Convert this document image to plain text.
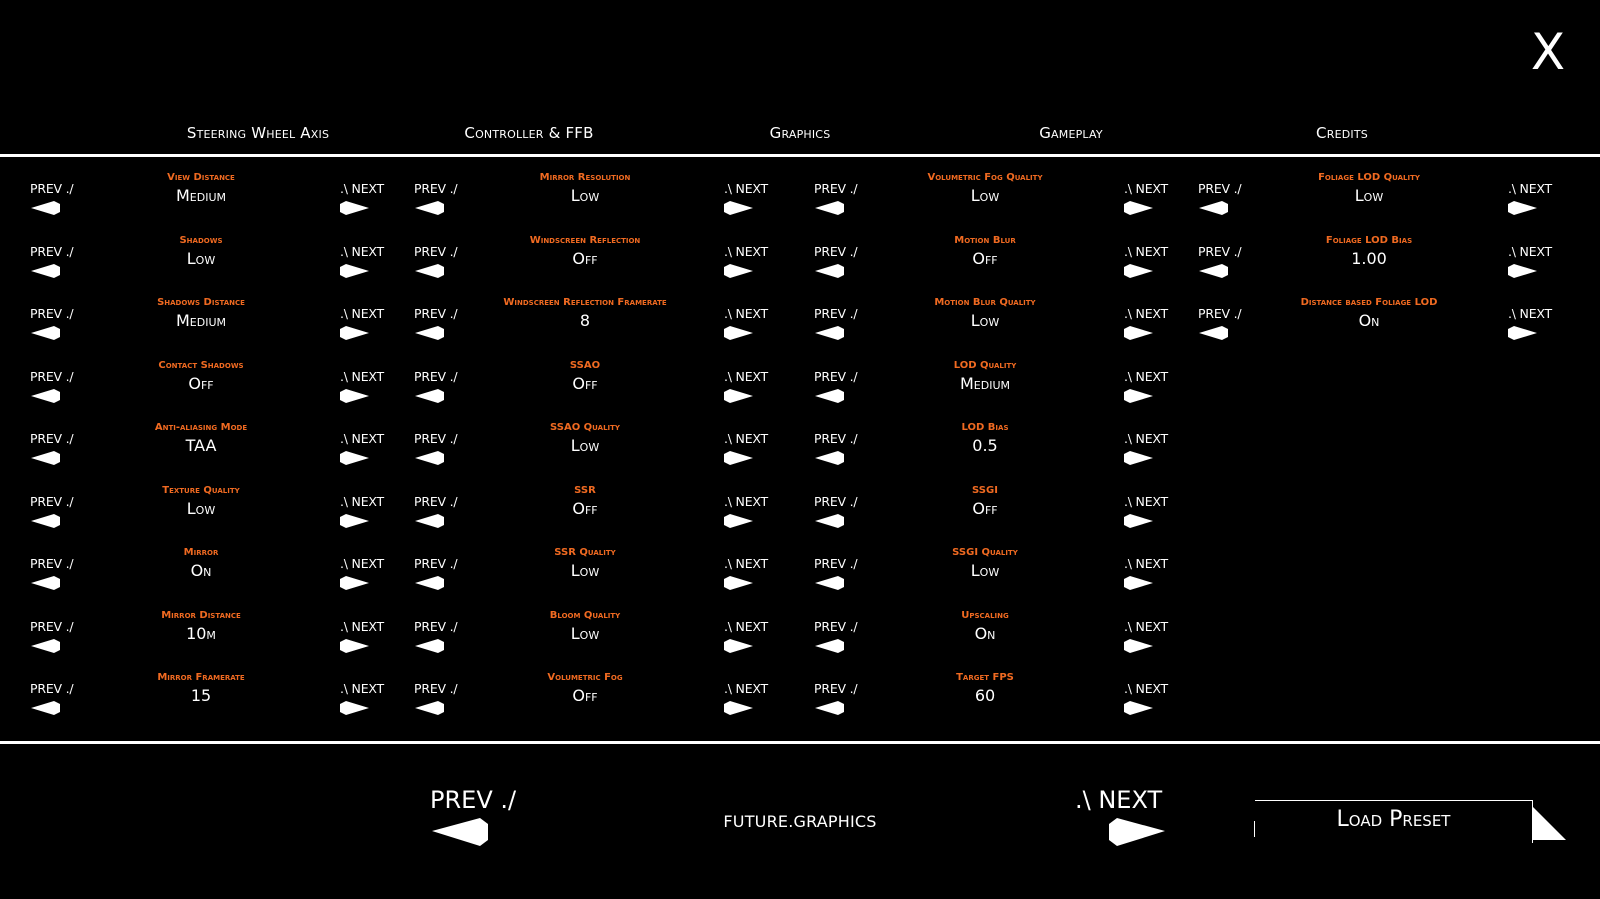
X
Steering Wheel Axis	Controller & FFB	Graphics	Gameplay	Credits
PREV ./
View Distance
Medium	.\ NEXT
PREV ./
Shadows
Low	.\ NEXT
PREV ./
Shadows Distance
Medium	.\ NEXT
PREV ./
Contact Shadows
Off	.\ NEXT
PREV ./
Anti-aliasing Mode
TAA	.\ NEXT
PREV ./
Texture Quality
Low	.\ NEXT
PREV ./
Mirror
On	.\ NEXT
PREV ./
Mirror Distance
10m	.\ NEXT
PREV ./
Mirror Framerate
15	.\ NEXT
PREV ./
Mirror Resolution
Low	.\ NEXT
PREV ./
Windscreen Reflection
Off	.\ NEXT
PREV ./
Windscreen Reflection Framerate
8	.\ NEXT
PREV ./
SSAO
Off	.\ NEXT
PREV ./
SSAO Quality
Low	.\ NEXT
PREV ./
SSR
Off	.\ NEXT
PREV ./
SSR Quality
Low	.\ NEXT
PREV ./
Bloom Quality
Low	.\ NEXT
PREV ./
Volumetric Fog
Off	.\ NEXT
PREV ./
Volumetric Fog Quality
Low	.\ NEXT
PREV ./
Motion Blur
Off	.\ NEXT
PREV ./
Motion Blur Quality
Low	.\ NEXT
PREV ./
LOD Quality
Medium	.\ NEXT
PREV ./
LOD Bias
0.5	.\ NEXT
PREV ./
SSGI
Off	.\ NEXT
PREV ./
SSGI Quality
Low	.\ NEXT
PREV ./
Upscaling
On	.\ NEXT
PREV ./
Target FPS
60	.\ NEXT
PREV ./
Foliage LOD Quality
Low	.\ NEXT
PREV ./
Foliage LOD Bias
1.00	.\ NEXT
PREV ./
Distance based Foliage LOD
On	.\ NEXT
PREV ./
FUTURE.GRAPHICS
.\ NEXT
Load Preset
